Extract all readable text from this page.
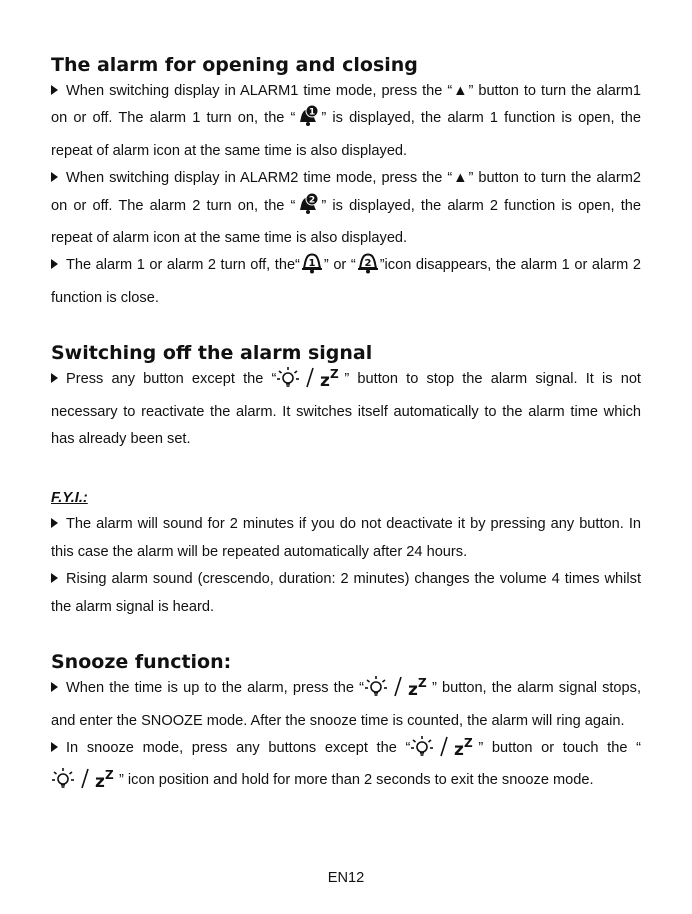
The alarm for opening and closing

When switching display in ALARM1 time mode, press the “▲” button to turn the alarm1 on or off. The alarm 1 turn on, the “ 1 ” is displayed, the alarm 1 function is open, the repeat of alarm icon at the same time is also displayed.

When switching display in ALARM2 time mode, press the “▲” button to turn the alarm2 on or off. The alarm 2 turn on, the “ 2 ” is displayed, the alarm 2 function is open, the repeat of alarm icon at the same time is also displayed.

The alarm 1 or alarm 2 turn off, the“ 1 ” or “ 2 ”icon disappears, the alarm 1 or alarm 2 function is close.

Switching off the alarm signal

Press any button except the “	z Z ” button to stop the alarm signal. It is not necessary to reactivate the alarm. It switches itself automatically to the alarm time which has already been set.

F.Y.I.:

The alarm will sound for 2 minutes if you do not deactivate it by pressing any button. In this case the alarm will be repeated automatically after 24 hours.

Rising alarm sound (crescendo, duration: 2 minutes) changes the volume 4 times whilst the alarm signal is heard.

Snooze function:

When the time is up to the alarm, press the “	z Z ” button, the alarm signal stops, and enter the SNOOZE mode. After the snooze time is counted, the alarm will ring again.

In snooze mode, press any buttons except the “	z Z ” button or touch the “
z Z ” icon position and hold for more than 2 seconds to exit the snooze mode.

EN12
